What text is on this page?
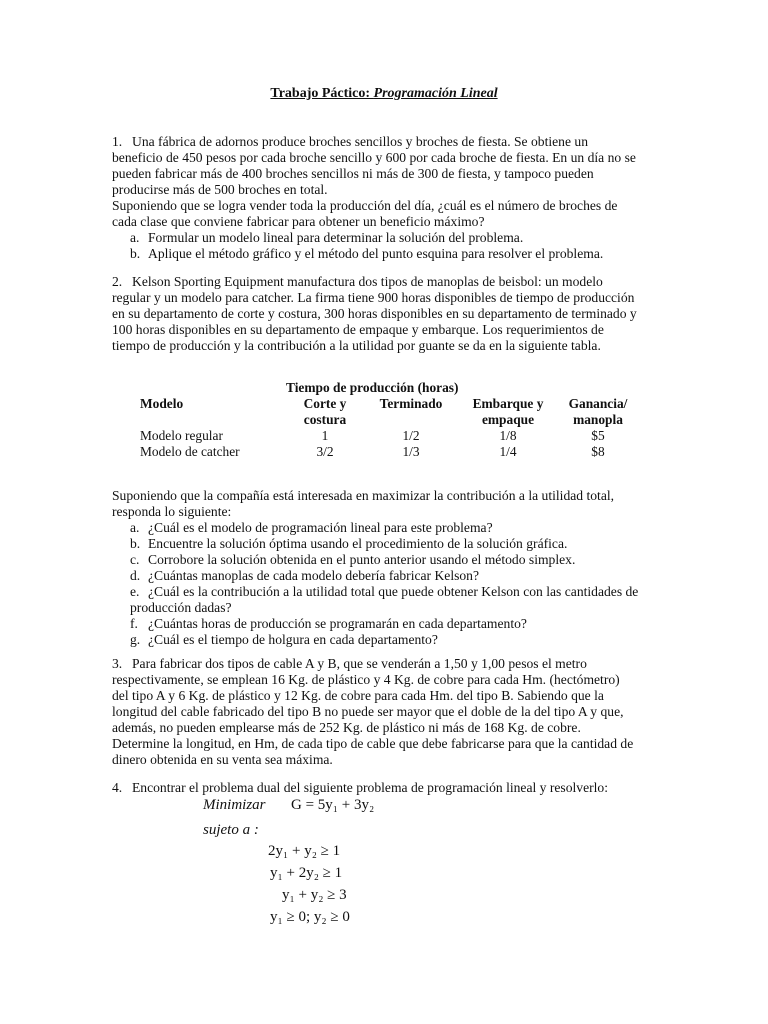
Trabajo Páctico: Programación Lineal

1. Una fábrica de adornos produce broches sencillos y broches de fiesta. Se obtiene un

beneficio de 450 pesos por cada broche sencillo y 600 por cada broche de fiesta. En un día no se

pueden fabricar más de 400 broches sencillos ni más de 300 de fiesta, y tampoco pueden

producirse más de 500 broches en total.

Suponiendo que se logra vender toda la producción del día, ¿cuál es el número de broches de

cada clase que conviene fabricar para obtener un beneficio máximo?

a. Formular un modelo lineal para determinar la solución del problema.
b. Aplique el método gráfico y el método del punto esquina para resolver el problema.

2. Kelson Sporting Equipment manufactura dos tipos de manoplas de beisbol: un modelo

regular y un modelo para catcher. La firma tiene 900 horas disponibles de tiempo de producción

en su departamento de corte y costura, 300 horas disponibles en su departamento de terminado y

100 horas disponibles en su departamento de empaque y embarque. Los requerimientos de

tiempo de producción y la contribución a la utilidad por guante se da en la siguiente tabla.

	Tiempo de producción (horas)			
Modelo	Corte y	Terminado	Embarque y	Ganancia/
	costura		empaque	manopla
Modelo regular	1	1/2	1/8	$5
Modelo de catcher	3/2	1/3	1/4	$8

Suponiendo que la compañía está interesada en maximizar la contribución a la utilidad total,

responda lo siguiente:

a. ¿Cuál es el modelo de programación lineal para este problema?
b. Encuentre la solución óptima usando el procedimiento de la solución gráfica.
c. Corrobore la solución obtenida en el punto anterior usando el método simplex.
d. ¿Cuántas manoplas de cada modelo debería fabricar Kelson?
e. ¿Cuál es la contribución a la utilidad total que puede obtener Kelson con las cantidades de producción dadas?
f. ¿Cuántas horas de producción se programarán en cada departamento?
g. ¿Cuál es el tiempo de holgura en cada departamento?

3. Para fabricar dos tipos de cable A y B, que se venderán a 1,50 y 1,00 pesos el metro

respectivamente, se emplean 16 Kg. de plástico y 4 Kg. de cobre para cada Hm. (hectómetro)

del tipo A y 6 Kg. de plástico y 12 Kg. de cobre para cada Hm. del tipo B. Sabiendo que la

longitud del cable fabricado del tipo B no puede ser mayor que el doble de la del tipo A y que,

además, no pueden emplearse más de 252 Kg. de plástico ni más de 168 Kg. de cobre.

Determine la longitud, en Hm, de cada tipo de cable que debe fabricarse para que la cantidad de

dinero obtenida en su venta sea máxima.

4. Encontrar el problema dual del siguiente problema de programación lineal y resolverlo:

Minimizar G = 5y₁ + 3y₂
sujeto a :
2y₁ + y₂ ≥ 1
y₁ + 2y₂ ≥ 1
y₁ + y₂ ≥ 3
y₁ ≥ 0; y₂ ≥ 0
